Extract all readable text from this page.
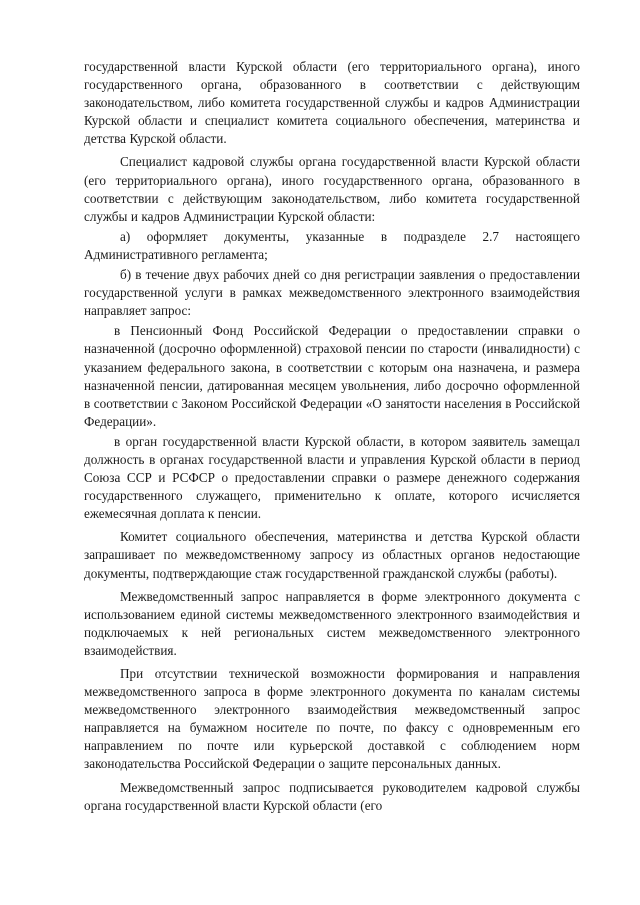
государственной власти Курской области (его территориального органа), иного государственного органа, образованного в соответствии с действующим законодательством, либо комитета государственной службы и кадров Администрации Курской области и специалист комитета социального обеспечения, материнства и детства Курской области.

Специалист кадровой службы органа государственной власти Курской области (его территориального органа), иного государственного органа, образованного в соответствии с действующим законодательством, либо комитета государственной службы и кадров Администрации Курской области:

а) оформляет документы, указанные в подразделе 2.7 настоящего Административного регламента;

б) в течение двух рабочих дней со дня регистрации заявления о предоставлении государственной услуги в рамках межведомственного электронного взаимодействия направляет запрос:

в Пенсионный Фонд Российской Федерации о предоставлении справки о назначенной (досрочно оформленной) страховой пенсии по старости (инвалидности) с указанием федерального закона, в соответствии с которым она назначена, и размера назначенной пенсии, датированная месяцем увольнения, либо досрочно оформленной в соответствии с Законом Российской Федерации «О занятости населения в Российской Федерации».

в орган государственной власти Курской области, в котором заявитель замещал должность в органах государственной власти и управления Курской области в период Союза ССР и РСФСР о предоставлении справки о размере денежного содержания государственного служащего, применительно к оплате, которого исчисляется ежемесячная доплата к пенсии.

Комитет социального обеспечения, материнства и детства Курской области запрашивает по межведомственному запросу из областных органов недостающие документы, подтверждающие стаж государственной гражданской службы (работы).

Межведомственный запрос направляется в форме электронного документа с использованием единой системы межведомственного электронного взаимодействия и подключаемых к ней региональных систем межведомственного электронного взаимодействия.

При отсутствии технической возможности формирования и направления межведомственного запроса в форме электронного документа по каналам системы межведомственного электронного взаимодействия межведомственный запрос направляется на бумажном носителе по почте, по факсу с одновременным его направлением по почте или курьерской доставкой с соблюдением норм законодательства Российской Федерации о защите персональных данных.

Межведомственный запрос подписывается руководителем кадровой службы органа государственной власти Курской области (его
